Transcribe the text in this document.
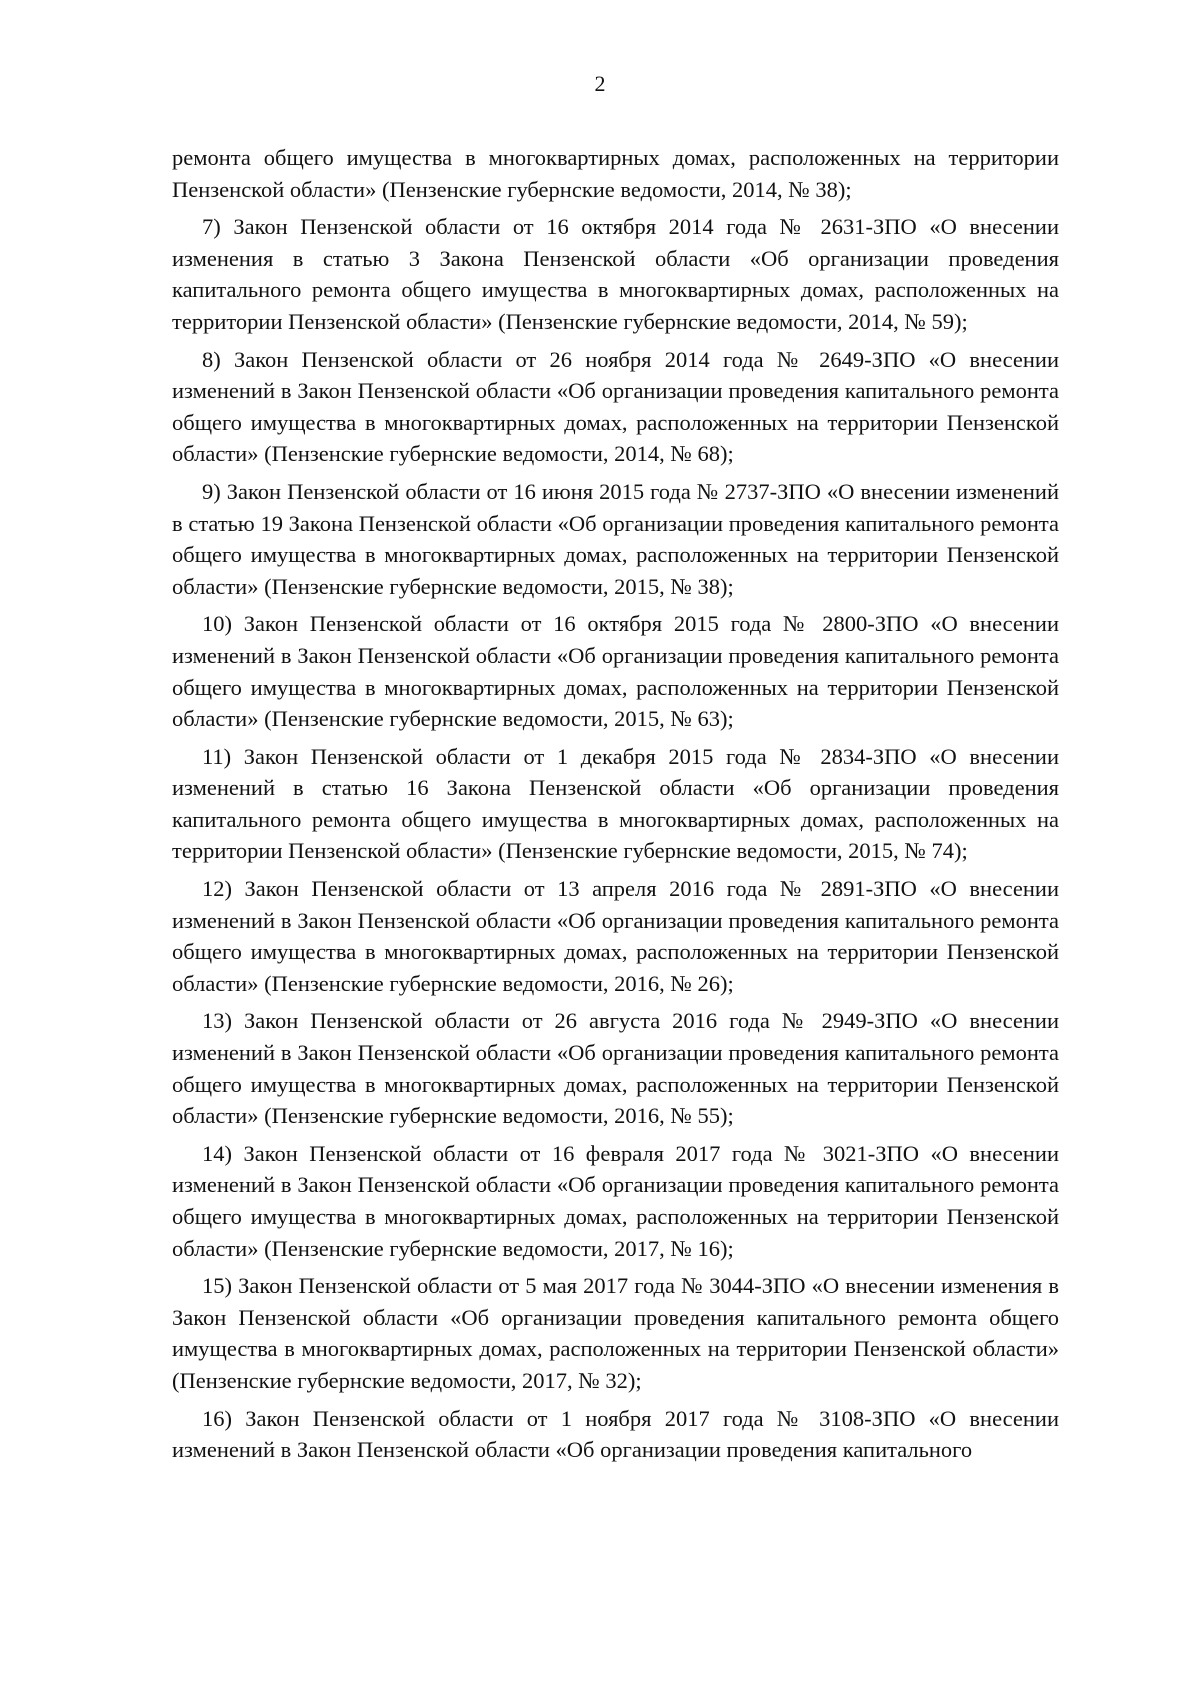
2

ремонта общего имущества в многоквартирных домах, расположенных на территории Пензенской области» (Пензенские губернские ведомости, 2014, № 38);

7) Закон Пензенской области от 16 октября 2014 года № 2631-ЗПО «О внесении изменения в статью 3 Закона Пензенской области «Об организации проведения капитального ремонта общего имущества в многоквартирных домах, расположенных на территории Пензенской области» (Пензенские губернские ведомости, 2014, № 59);

8) Закон Пензенской области от 26 ноября 2014 года № 2649-ЗПО «О внесении изменений в Закон Пензенской области «Об организации проведения капитального ремонта общего имущества в многоквартирных домах, расположенных на территории Пензенской области» (Пензенские губернские ведомости, 2014, № 68);

9) Закон Пензенской области от 16 июня 2015 года № 2737-ЗПО «О внесении изменений в статью 19 Закона Пензенской области «Об организации проведения капитального ремонта общего имущества в многоквартирных домах, расположенных на территории Пензенской области» (Пензенские губернские ведомости, 2015, № 38);

10) Закон Пензенской области от 16 октября 2015 года № 2800-ЗПО «О внесении изменений в Закон Пензенской области «Об организации проведения капитального ремонта общего имущества в многоквартирных домах, расположенных на территории Пензенской области» (Пензенские губернские ведомости, 2015, № 63);

11) Закон Пензенской области от 1 декабря 2015 года № 2834-ЗПО «О внесении изменений в статью 16 Закона Пензенской области «Об организации проведения капитального ремонта общего имущества в многоквартирных домах, расположенных на территории Пензенской области» (Пензенские губернские ведомости, 2015, № 74);

12) Закон Пензенской области от 13 апреля 2016 года № 2891-ЗПО «О внесении изменений в Закон Пензенской области «Об организации проведения капитального ремонта общего имущества в многоквартирных домах, расположенных на территории Пензенской области» (Пензенские губернские ведомости, 2016, № 26);

13) Закон Пензенской области от 26 августа 2016 года № 2949-ЗПО «О внесении изменений в Закон Пензенской области «Об организации проведения капитального ремонта общего имущества в многоквартирных домах, расположенных на территории Пензенской области» (Пензенские губернские ведомости, 2016, № 55);

14) Закон Пензенской области от 16 февраля 2017 года № 3021-ЗПО «О внесении изменений в Закон Пензенской области «Об организации проведения капитального ремонта общего имущества в многоквартирных домах, расположенных на территории Пензенской области» (Пензенские губернские ведомости, 2017, № 16);

15) Закон Пензенской области от 5 мая 2017 года № 3044-ЗПО «О внесении изменения в Закон Пензенской области «Об организации проведения капитального ремонта общего имущества в многоквартирных домах, расположенных на территории Пензенской области» (Пензенские губернские ведомости, 2017, № 32);

16) Закон Пензенской области от 1 ноября 2017 года № 3108-ЗПО «О внесении изменений в Закон Пензенской области «Об организации проведения капитального
